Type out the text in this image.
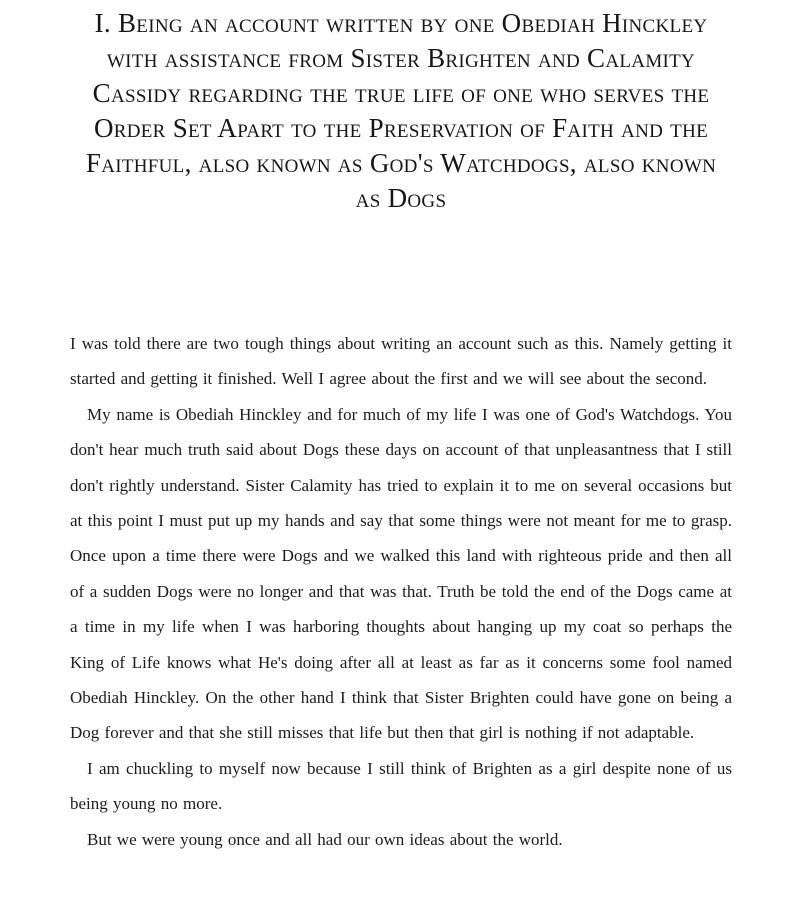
I. Being an account written by one Obediah Hinckley with assistance from Sister Brighten and Calamity Cassidy regarding the true life of one who serves the Order Set Apart to the Preservation of Faith and the Faithful, also known as God's Watchdogs, also known as Dogs

I was told there are two tough things about writing an account such as this. Namely getting it started and getting it finished. Well I agree about the first and we will see about the second.

My name is Obediah Hinckley and for much of my life I was one of God's Watchdogs. You don't hear much truth said about Dogs these days on account of that unpleasantness that I still don't rightly understand. Sister Calamity has tried to explain it to me on several occasions but at this point I must put up my hands and say that some things were not meant for me to grasp. Once upon a time there were Dogs and we walked this land with righteous pride and then all of a sudden Dogs were no longer and that was that. Truth be told the end of the Dogs came at a time in my life when I was harboring thoughts about hanging up my coat so perhaps the King of Life knows what He's doing after all at least as far as it concerns some fool named Obediah Hinckley. On the other hand I think that Sister Brighten could have gone on being a Dog forever and that she still misses that life but then that girl is nothing if not adaptable.

I am chuckling to myself now because I still think of Brighten as a girl despite none of us being young no more.

But we were young once and all had our own ideas about the world.
